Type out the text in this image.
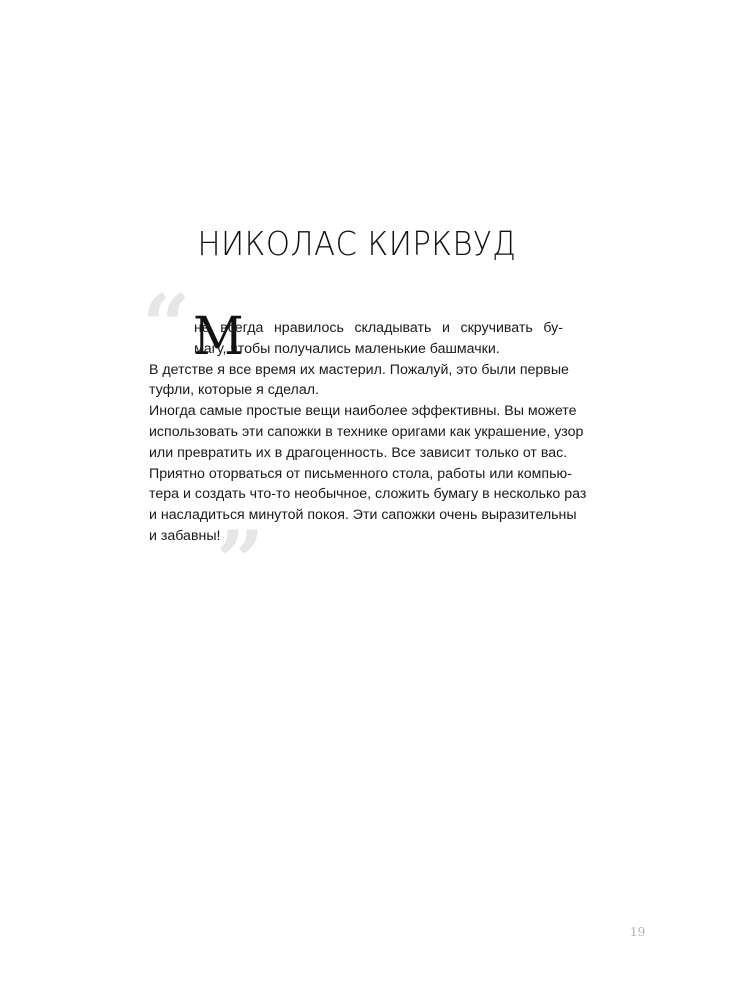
НИКОЛАС КИРКВУД
“ М
не всегда нравилось складывать и скручивать бу-
магу, чтобы получались маленькие башмачки.
В детстве я все время их мастерил. Пожалуй, это были первые
туфли, которые я сделал.
Иногда самые простые вещи наиболее эффективны. Вы можете
использовать эти сапожки в технике оригами как украшение, узор
или превратить их в драгоценность. Все зависит только от вас.
Приятно оторваться от письменного стола, работы или компью-
тера и создать что-то необычное, сложить бумагу в несколько раз
и насладиться минутой покоя. Эти сапожки очень выразительны
и забавны!
”
19
